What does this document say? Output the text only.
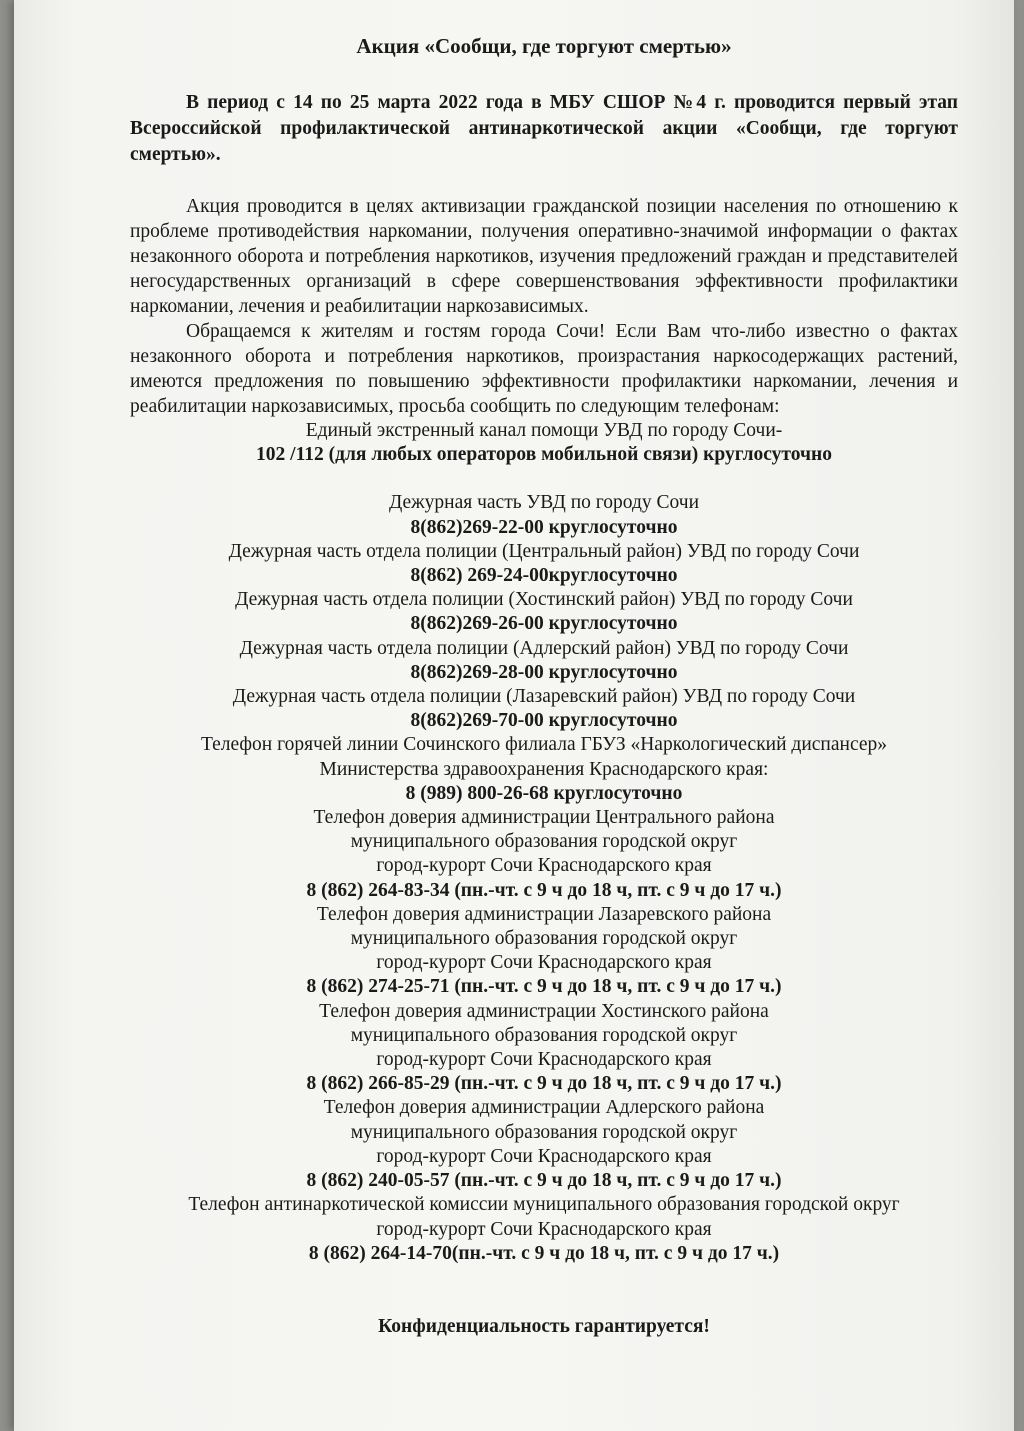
Акция «Сообщи, где торгуют смертью»

В период с 14 по 25 марта 2022 года в МБУ СШОР №4 г. проводится первый этап Всероссийской профилактической антинаркотической акции «Сообщи, где торгуют смертью».

Акция проводится в целях активизации гражданской позиции населения по отношению к проблеме противодействия наркомании, получения оперативно-значимой информации о фактах незаконного оборота и потребления наркотиков, изучения предложений граждан и представителей негосударственных организаций в сфере совершенствования эффективности профилактики наркомании, лечения и реабилитации наркозависимых.

Обращаемся к жителям и гостям города Сочи! Если Вам что-либо известно о фактах незаконного оборота и потребления наркотиков, произрастания наркосодержащих растений, имеются предложения по повышению эффективности профилактики наркомании, лечения и реабилитации наркозависимых, просьба сообщить по следующим телефонам:

Единый экстренный канал помощи УВД по городу Сочи-
102 /112 (для любых операторов мобильной связи) круглосуточно
Дежурная часть УВД по городу Сочи
8(862)269-22-00 круглосуточно
Дежурная часть отдела полиции (Центральный район) УВД по городу Сочи
8(862) 269-24-00круглосуточно
Дежурная часть отдела полиции (Хостинский район) УВД по городу Сочи
8(862)269-26-00 круглосуточно
Дежурная часть отдела полиции (Адлерский район) УВД по городу Сочи
8(862)269-28-00 круглосуточно
Дежурная часть отдела полиции (Лазаревский район) УВД по городу Сочи
8(862)269-70-00 круглосуточно
Телефон горячей линии Сочинского филиала ГБУЗ «Наркологический диспансер»
Министерства здравоохранения Краснодарского края:
8 (989) 800-26-68 круглосуточно
Телефон доверия администрации Центрального района
муниципального образования городской округ
город-курорт Сочи Краснодарского края
8 (862) 264-83-34 (пн.-чт. с 9 ч до 18 ч, пт. с 9 ч до 17 ч.)
Телефон доверия администрации Лазаревского района
муниципального образования городской округ
город-курорт Сочи Краснодарского края
8 (862) 274-25-71 (пн.-чт. с 9 ч до 18 ч, пт. с 9 ч до 17 ч.)
Телефон доверия администрации Хостинского района
муниципального образования городской округ
город-курорт Сочи Краснодарского края
8 (862) 266-85-29 (пн.-чт. с 9 ч до 18 ч, пт. с 9 ч до 17 ч.)
Телефон доверия администрации Адлерского района
муниципального образования городской округ
город-курорт Сочи Краснодарского края
8 (862) 240-05-57 (пн.-чт. с 9 ч до 18 ч, пт. с 9 ч до 17 ч.)
Телефон антинаркотической комиссии муниципального образования городской округ
город-курорт Сочи Краснодарского края
8 (862) 264-14-70(пн.-чт. с 9 ч до 18 ч, пт. с 9 ч до 17 ч.)
Конфиденциальность гарантируется!
